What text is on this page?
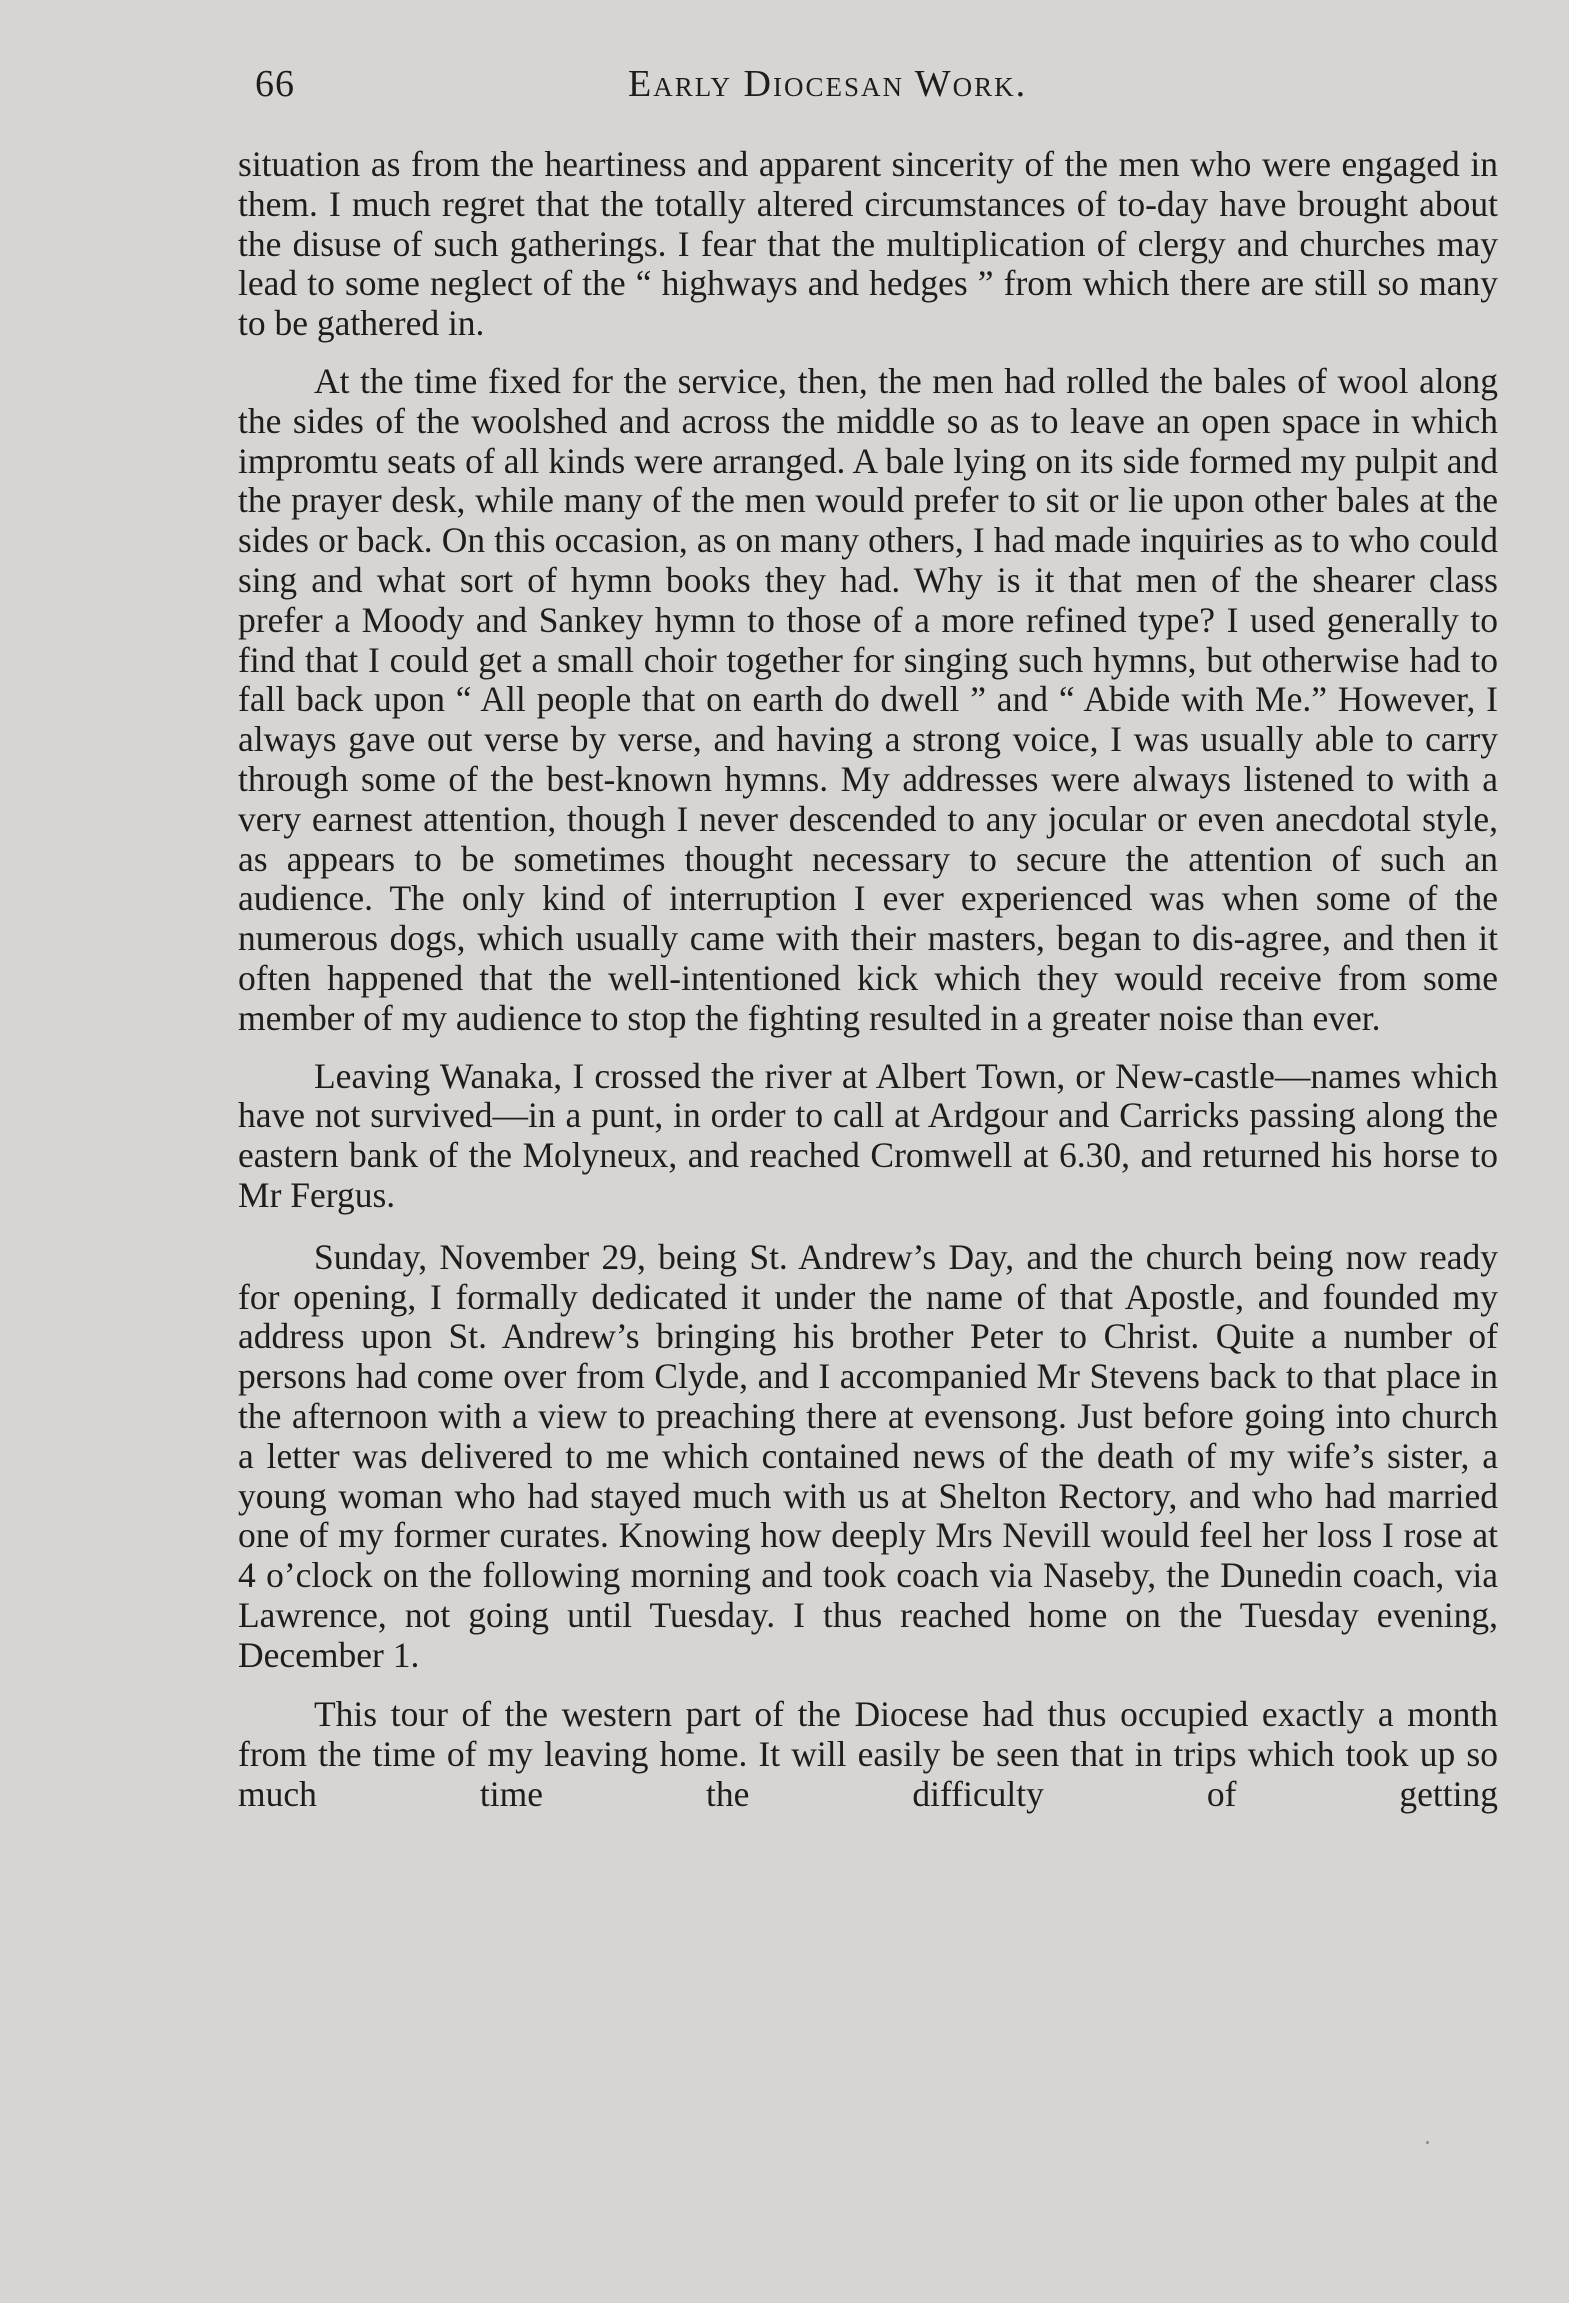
66	Early Diocesan Work.

situation as from the heartiness and apparent sincerity of the men who were engaged in them. I much regret that the totally altered circumstances of to-day have brought about the disuse of such gatherings. I fear that the multiplication of clergy and churches may lead to some neglect of the “ highways and hedges ” from which there are still so many to be gathered in.

At the time fixed for the service, then, the men had rolled the bales of wool along the sides of the woolshed and across the middle so as to leave an open space in which impromtu seats of all kinds were arranged. A bale lying on its side formed my pulpit and the prayer desk, while many of the men would prefer to sit or lie upon other bales at the sides or back. On this occasion, as on many others, I had made inquiries as to who could sing and what sort of hymn books they had. Why is it that men of the shearer class prefer a Moody and Sankey hymn to those of a more refined type? I used generally to find that I could get a small choir together for singing such hymns, but otherwise had to fall back upon “ All people that on earth do dwell ” and “ Abide with Me.” However, I always gave out verse by verse, and having a strong voice, I was usually able to carry through some of the best-known hymns. My addresses were always listened to with a very earnest attention, though I never descended to any jocular or even anecdotal style, as appears to be sometimes thought necessary to secure the attention of such an audience. The only kind of interruption I ever experienced was when some of the numerous dogs, which usually came with their masters, began to dis-agree, and then it often happened that the well-intentioned kick which they would receive from some member of my audience to stop the fighting resulted in a greater noise than ever.

Leaving Wanaka, I crossed the river at Albert Town, or New-castle—names which have not survived—in a punt, in order to call at Ardgour and Carricks passing along the eastern bank of the Molyneux, and reached Cromwell at 6.30, and returned his horse to Mr Fergus.

Sunday, November 29, being St. Andrew’s Day, and the church being now ready for opening, I formally dedicated it under the name of that Apostle, and founded my address upon St. Andrew’s bringing his brother Peter to Christ. Quite a number of persons had come over from Clyde, and I accompanied Mr Stevens back to that place in the afternoon with a view to preaching there at evensong. Just before going into church a letter was delivered to me which contained news of the death of my wife’s sister, a young woman who had stayed much with us at Shelton Rectory, and who had married one of my former curates. Knowing how deeply Mrs Nevill would feel her loss I rose at 4 o’clock on the following morning and took coach via Naseby, the Dunedin coach, via Lawrence, not going until Tuesday. I thus reached home on the Tuesday evening, December 1.

This tour of the western part of the Diocese had thus occupied exactly a month from the time of my leaving home. It will easily be seen that in trips which took up so much time the difficulty of getting
